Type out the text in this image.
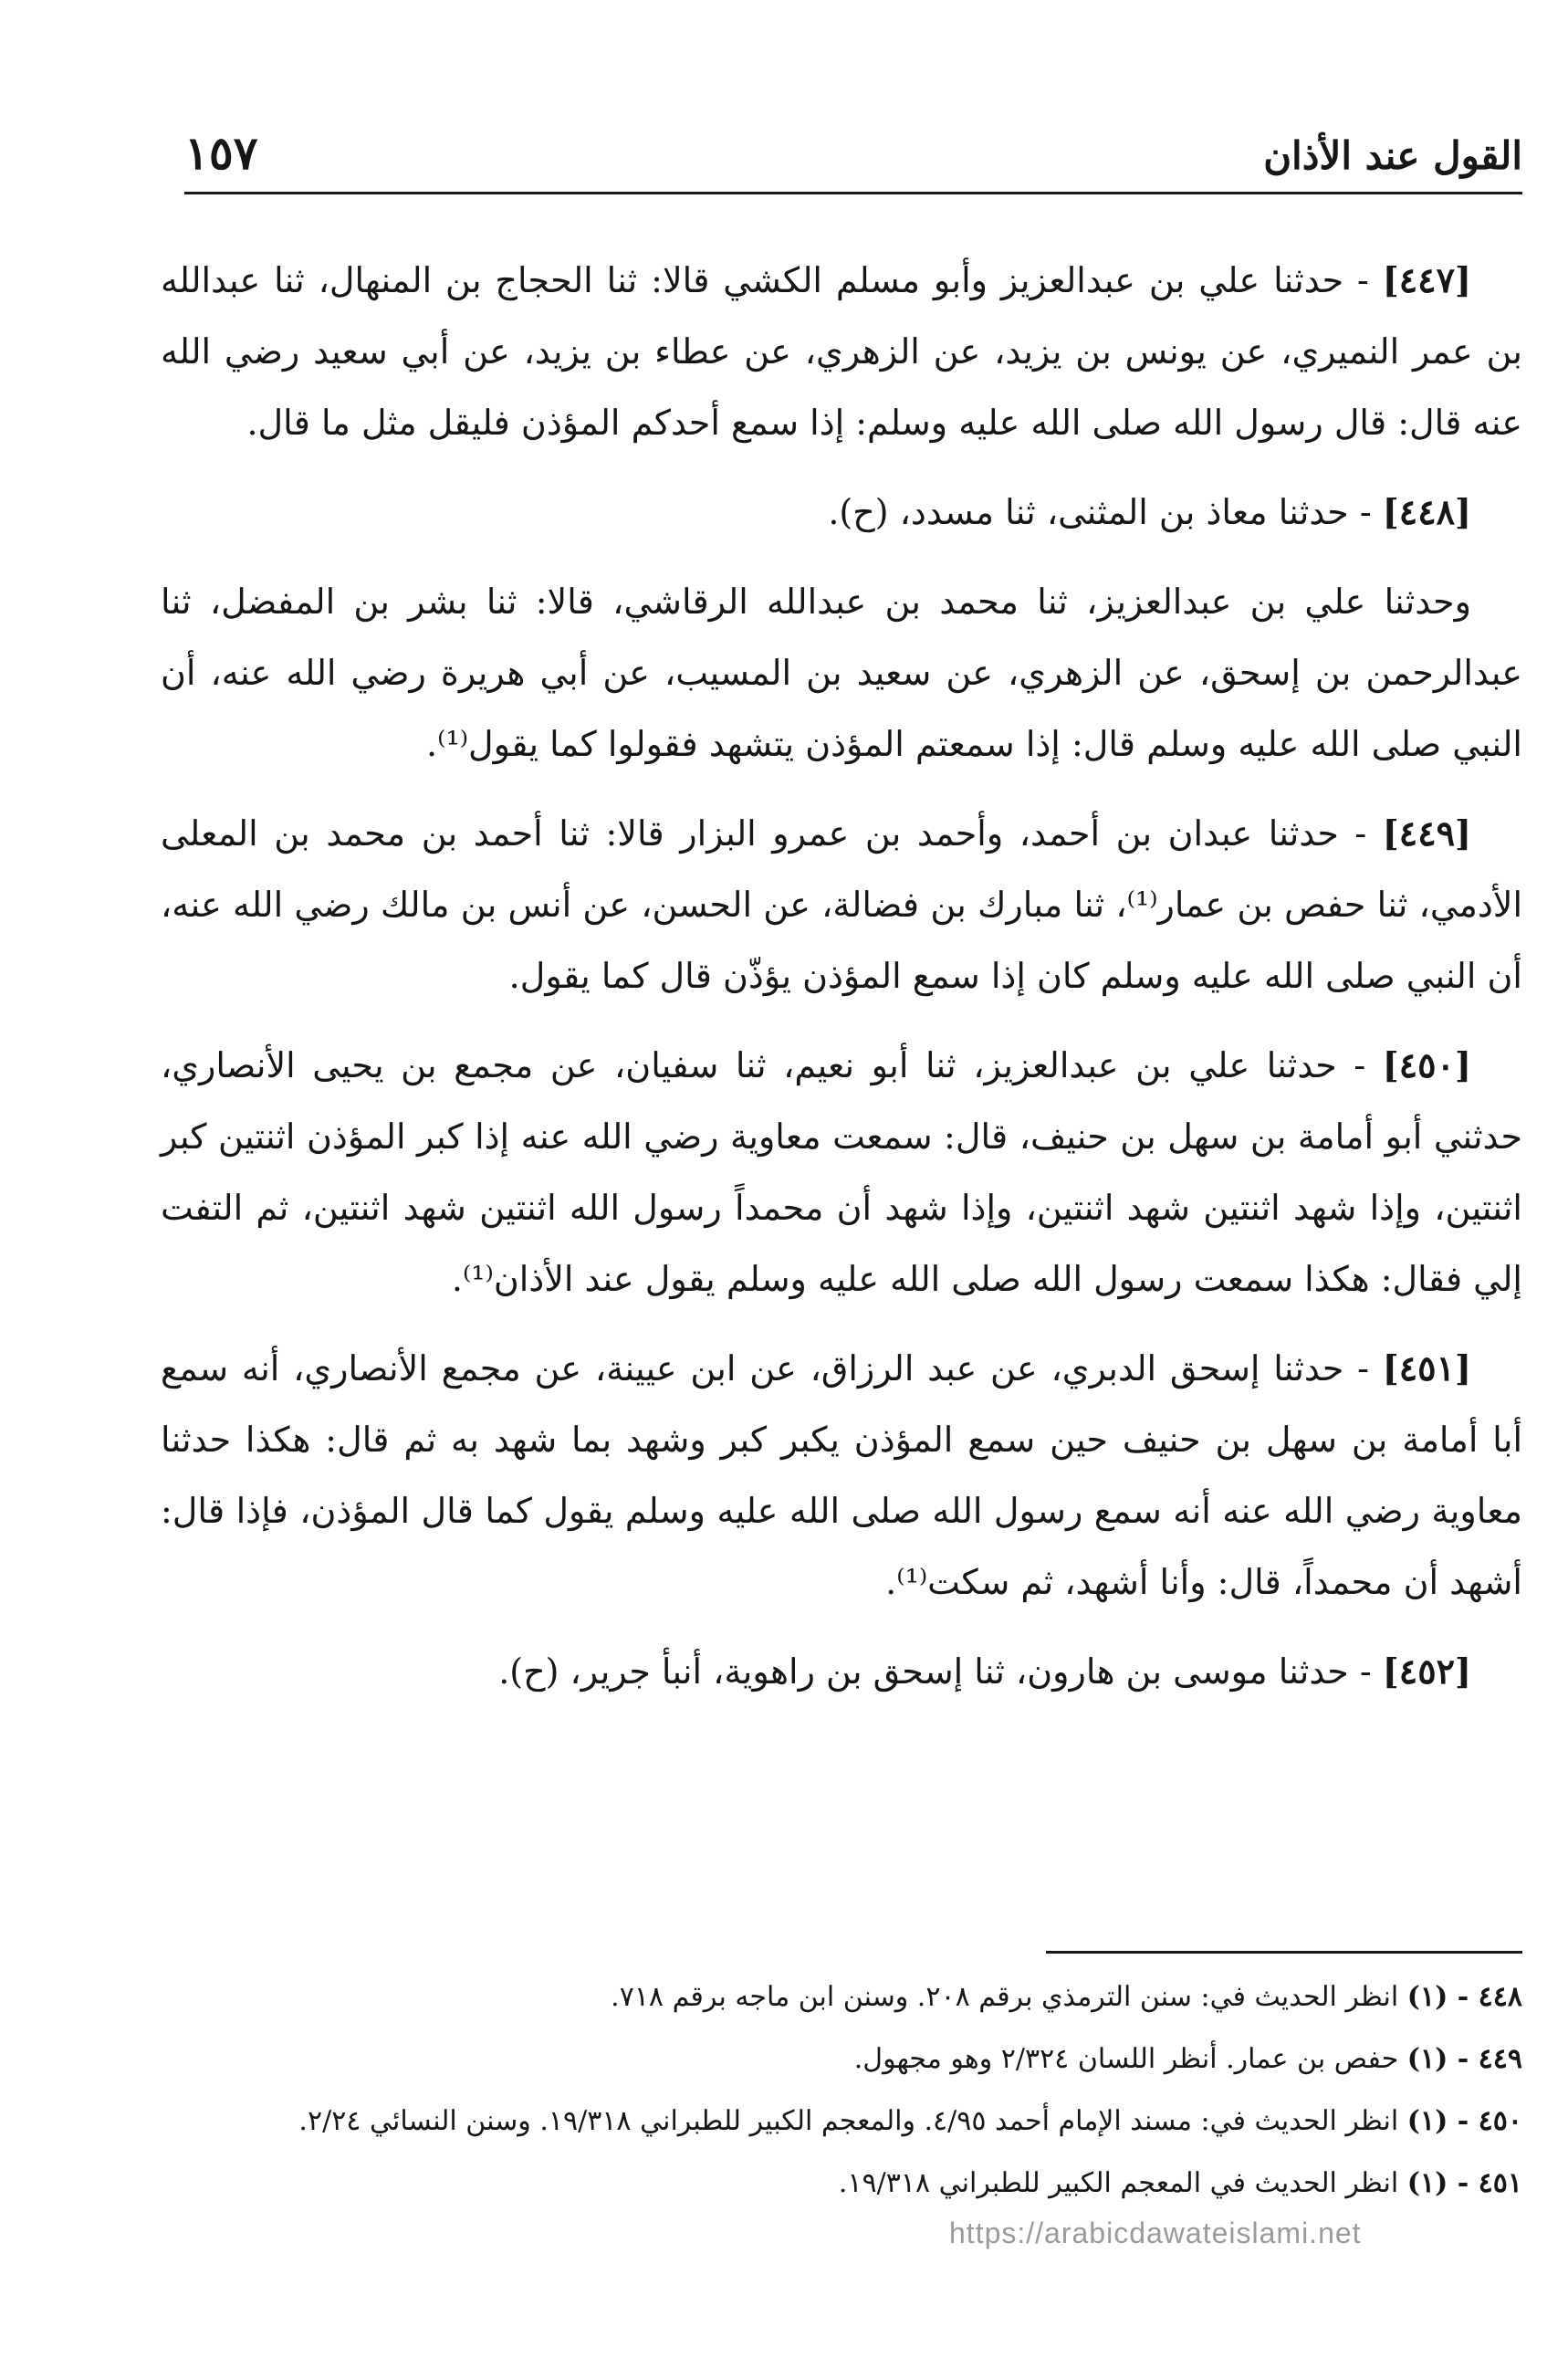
١٥٧	القول عند الأذان

[٤٤٧] - حدثنا علي بن عبدالعزيز وأبو مسلم الكشي قالا: ثنا الحجاج بن المنهال، ثنا عبدالله بن عمر النميري، عن يونس بن يزيد، عن الزهري، عن عطاء بن يزيد، عن أبي سعيد رضي الله عنه قال: قال رسول الله صلى الله عليه وسلم: إذا سمع أحدكم المؤذن فليقل مثل ما قال.

[٤٤٨] - حدثنا معاذ بن المثنى، ثنا مسدد، (ح).

وحدثنا علي بن عبدالعزيز، ثنا محمد بن عبدالله الرقاشي، قالا: ثنا بشر بن المفضل، ثنا عبدالرحمن بن إسحق، عن الزهري، عن سعيد بن المسيب، عن أبي هريرة رضي الله عنه، أن النبي صلى الله عليه وسلم قال: إذا سمعتم المؤذن يتشهد فقولوا كما يقول⁽¹⁾.

[٤٤٩] - حدثنا عبدان بن أحمد، وأحمد بن عمرو البزار قالا: ثنا أحمد بن محمد بن المعلى الأدمي، ثنا حفص بن عمار⁽¹⁾، ثنا مبارك بن فضالة، عن الحسن، عن أنس بن مالك رضي الله عنه، أن النبي صلى الله عليه وسلم كان إذا سمع المؤذن يؤذّن قال كما يقول.

[٤٥٠] - حدثنا علي بن عبدالعزيز، ثنا أبو نعيم، ثنا سفيان، عن مجمع بن يحيى الأنصاري، حدثني أبو أمامة بن سهل بن حنيف، قال: سمعت معاوية رضي الله عنه إذا كبر المؤذن اثنتين كبر اثنتين، وإذا شهد اثنتين شهد اثنتين، وإذا شهد أن محمداً رسول الله اثنتين شهد اثنتين، ثم التفت إلي فقال: هكذا سمعت رسول الله صلى الله عليه وسلم يقول عند الأذان⁽¹⁾.

[٤٥١] - حدثنا إسحق الدبري، عن عبد الرزاق، عن ابن عيينة، عن مجمع الأنصاري، أنه سمع أبا أمامة بن سهل بن حنيف حين سمع المؤذن يكبر كبر وشهد بما شهد به ثم قال: هكذا حدثنا معاوية رضي الله عنه أنه سمع رسول الله صلى الله عليه وسلم يقول كما قال المؤذن، فإذا قال: أشهد أن محمداً، قال: وأنا أشهد، ثم سكت⁽¹⁾.

[٤٥٢] - حدثنا موسى بن هارون، ثنا إسحق بن راهوية، أنبأ جرير، (ح).

٤٤٨ - (١) انظر الحديث في: سنن الترمذي برقم ٢٠٨. وسنن ابن ماجه برقم ٧١٨.

٤٤٩ - (١) حفص بن عمار. أنظر اللسان ٢/٣٢٤ وهو مجهول.

٤٥٠ - (١) انظر الحديث في: مسند الإمام أحمد ٤/٩٥. والمعجم الكبير للطبراني ١٩/٣١٨. وسنن النسائي ٢/٢٤.

٤٥١ - (١) انظر الحديث في المعجم الكبير للطبراني ١٩/٣١٨.

https://arabicdawateislami.net
